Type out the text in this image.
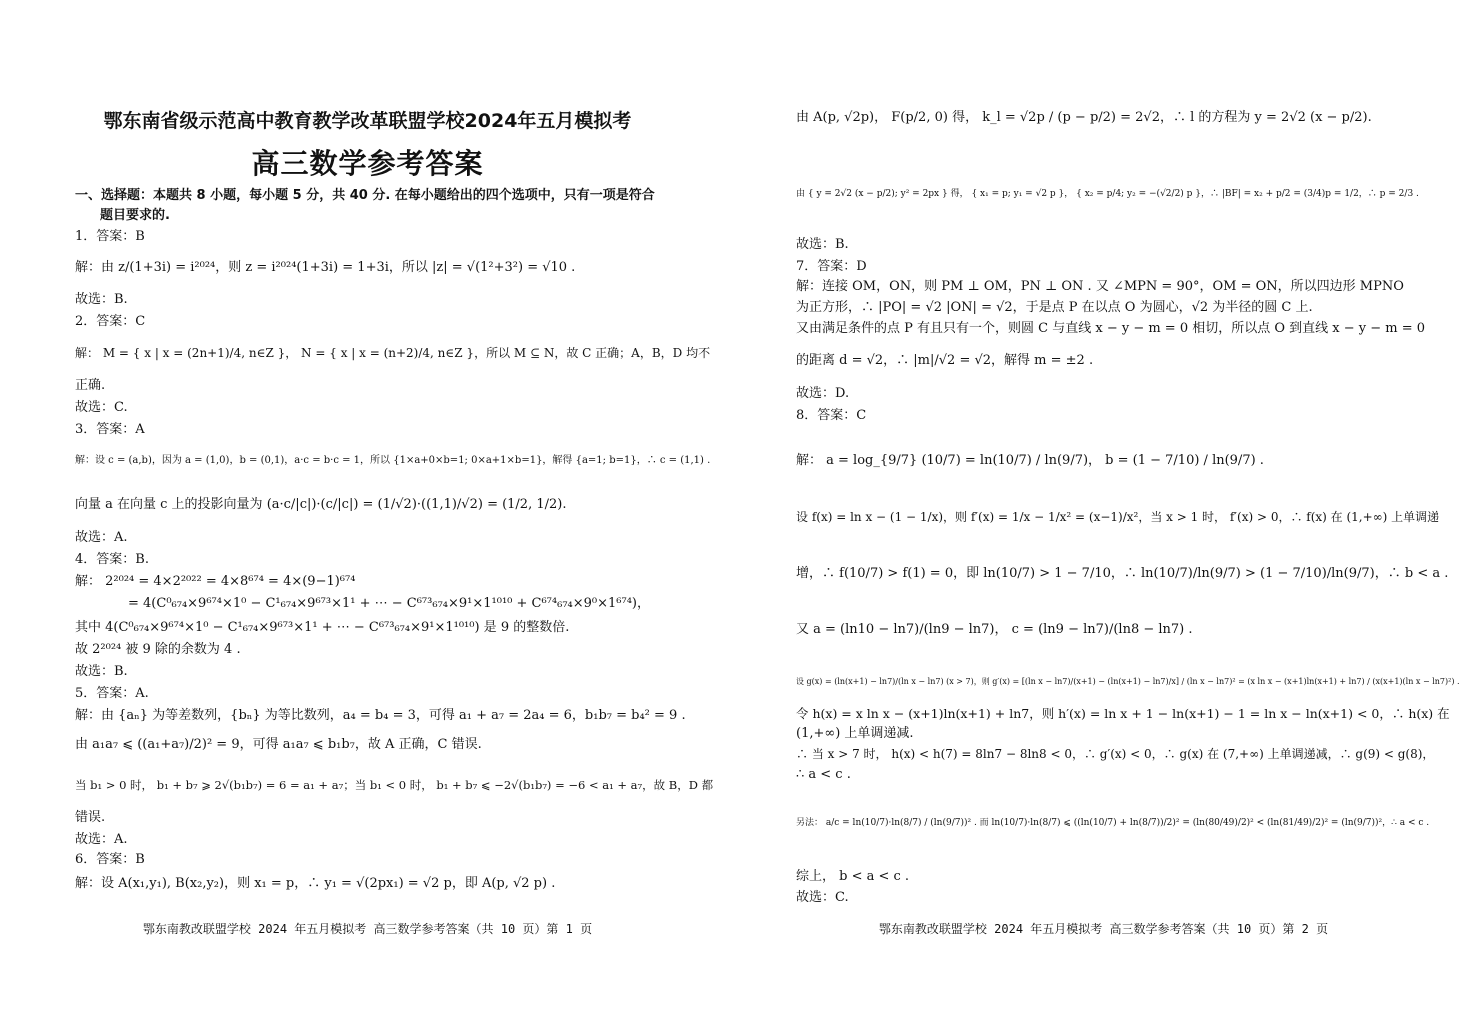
鄂东南省级示范高中教育教学改革联盟学校2024年五月模拟考
高三数学参考答案
一、选择题：本题共 8 小题，每小题 5 分，共 40 分. 在每小题给出的四个选项中，只有一项是符合
题目要求的.
1．答案：B
解：由 z/(1+3i) = i²⁰²⁴，则 z = i²⁰²⁴(1+3i) = 1+3i，所以 |z| = √(1²+3²) = √10 .
故选：B.
2．答案：C
解： M = { x | x = (2n+1)/4, n∈Z }， N = { x | x = (n+2)/4, n∈Z }，所以 M ⊆ N，故 C 正确；A，B，D 均不
正确.
故选：C.
3．答案：A
解：设 c = (a,b)，因为 a = (1,0)，b = (0,1)，a·c = b·c = 1，所以 {1×a+0×b=1; 0×a+1×b=1}，解得 {a=1; b=1}，∴ c = (1,1) .
向量 a 在向量 c 上的投影向量为 (a·c/|c|)·(c/|c|) = (1/√2)·((1,1)/√2) = (1/2, 1/2).
故选：A.
4．答案：B.
解： 2²⁰²⁴ = 4×2²⁰²² = 4×8⁶⁷⁴ = 4×(9−1)⁶⁷⁴
= 4(C⁰₆₇₄×9⁶⁷⁴×1⁰ − C¹₆₇₄×9⁶⁷³×1¹ + ⋯ − C⁶⁷³₆₇₄×9¹×1¹⁰¹⁰ + C⁶⁷⁴₆₇₄×9⁰×1⁶⁷⁴)，
其中 4(C⁰₆₇₄×9⁶⁷⁴×1⁰ − C¹₆₇₄×9⁶⁷³×1¹ + ⋯ − C⁶⁷³₆₇₄×9¹×1¹⁰¹⁰) 是 9 的整数倍.
故 2²⁰²⁴ 被 9 除的余数为 4 .
故选：B.
5．答案：A.
解：由 {aₙ} 为等差数列，{bₙ} 为等比数列，a₄ = b₄ = 3，可得 a₁ + a₇ = 2a₄ = 6，b₁b₇ = b₄² = 9 .
由 a₁a₇ ⩽ ((a₁+a₇)/2)² = 9，可得 a₁a₇ ⩽ b₁b₇，故 A 正确，C 错误.
当 b₁ > 0 时， b₁ + b₇ ⩾ 2√(b₁b₇) = 6 = a₁ + a₇；当 b₁ < 0 时， b₁ + b₇ ⩽ −2√(b₁b₇) = −6 < a₁ + a₇，故 B，D 都
错误.
故选：A.
6．答案：B
解：设 A(x₁,y₁), B(x₂,y₂)，则 x₁ = p，∴ y₁ = √(2px₁) = √2 p，即 A(p, √2 p) .
鄂东南教改联盟学校 2024 年五月模拟考 高三数学参考答案（共 10 页）第 1 页
由 A(p, √2p)， F(p/2, 0) 得， k_l = √2p / (p − p/2) = 2√2，∴ l 的方程为 y = 2√2 (x − p/2).
由 { y = 2√2 (x − p/2); y² = 2px } 得， { x₁ = p; y₁ = √2 p }， { x₂ = p/4; y₂ = −(√2/2) p }，∴ |BF| = x₂ + p/2 = (3/4)p = 1/2，∴ p = 2/3 .
故选：B.
7．答案：D
解：连接 OM，ON，则 PM ⊥ OM，PN ⊥ ON . 又 ∠MPN = 90°，OM = ON，所以四边形 MPNO
为正方形，∴ |PO| = √2 |ON| = √2，于是点 P 在以点 O 为圆心，√2 为半径的圆 C 上.
又由满足条件的点 P 有且只有一个，则圆 C 与直线 x − y − m = 0 相切，所以点 O 到直线 x − y − m = 0
的距离 d = √2，∴ |m|/√2 = √2，解得 m = ±2 .
故选：D.
8．答案：C
解： a = log_{9/7} (10/7) = ln(10/7) / ln(9/7)， b = (1 − 7/10) / ln(9/7) .
设 f(x) = ln x − (1 − 1/x)，则 f′(x) = 1/x − 1/x² = (x−1)/x²，当 x > 1 时， f′(x) > 0，∴ f(x) 在 (1,+∞) 上单调递
增，∴ f(10/7) > f(1) = 0，即 ln(10/7) > 1 − 7/10，∴ ln(10/7)/ln(9/7) > (1 − 7/10)/ln(9/7)，∴ b < a .
又 a = (ln10 − ln7)/(ln9 − ln7)， c = (ln9 − ln7)/(ln8 − ln7) .
设 g(x) = (ln(x+1) − ln7)/(ln x − ln7) (x > 7)，则 g′(x) = [(ln x − ln7)/(x+1) − (ln(x+1) − ln7)/x] / (ln x − ln7)² = (x ln x − (x+1)ln(x+1) + ln7) / (x(x+1)(ln x − ln7)²) .
令 h(x) = x ln x − (x+1)ln(x+1) + ln7，则 h′(x) = ln x + 1 − ln(x+1) − 1 = ln x − ln(x+1) < 0，∴ h(x) 在
(1,+∞) 上单调递减.
∴ 当 x > 7 时， h(x) < h(7) = 8ln7 − 8ln8 < 0，∴ g′(x) < 0，∴ g(x) 在 (7,+∞) 上单调递减，∴ g(9) < g(8)，
∴ a < c .
另法： a/c = ln(10/7)·ln(8/7) / (ln(9/7))² . 而 ln(10/7)·ln(8/7) ⩽ ((ln(10/7) + ln(8/7))/2)² = (ln(80/49)/2)² < (ln(81/49)/2)² = (ln(9/7))²，∴ a < c .
综上， b < a < c .
故选：C.
鄂东南教改联盟学校 2024 年五月模拟考 高三数学参考答案（共 10 页）第 2 页
